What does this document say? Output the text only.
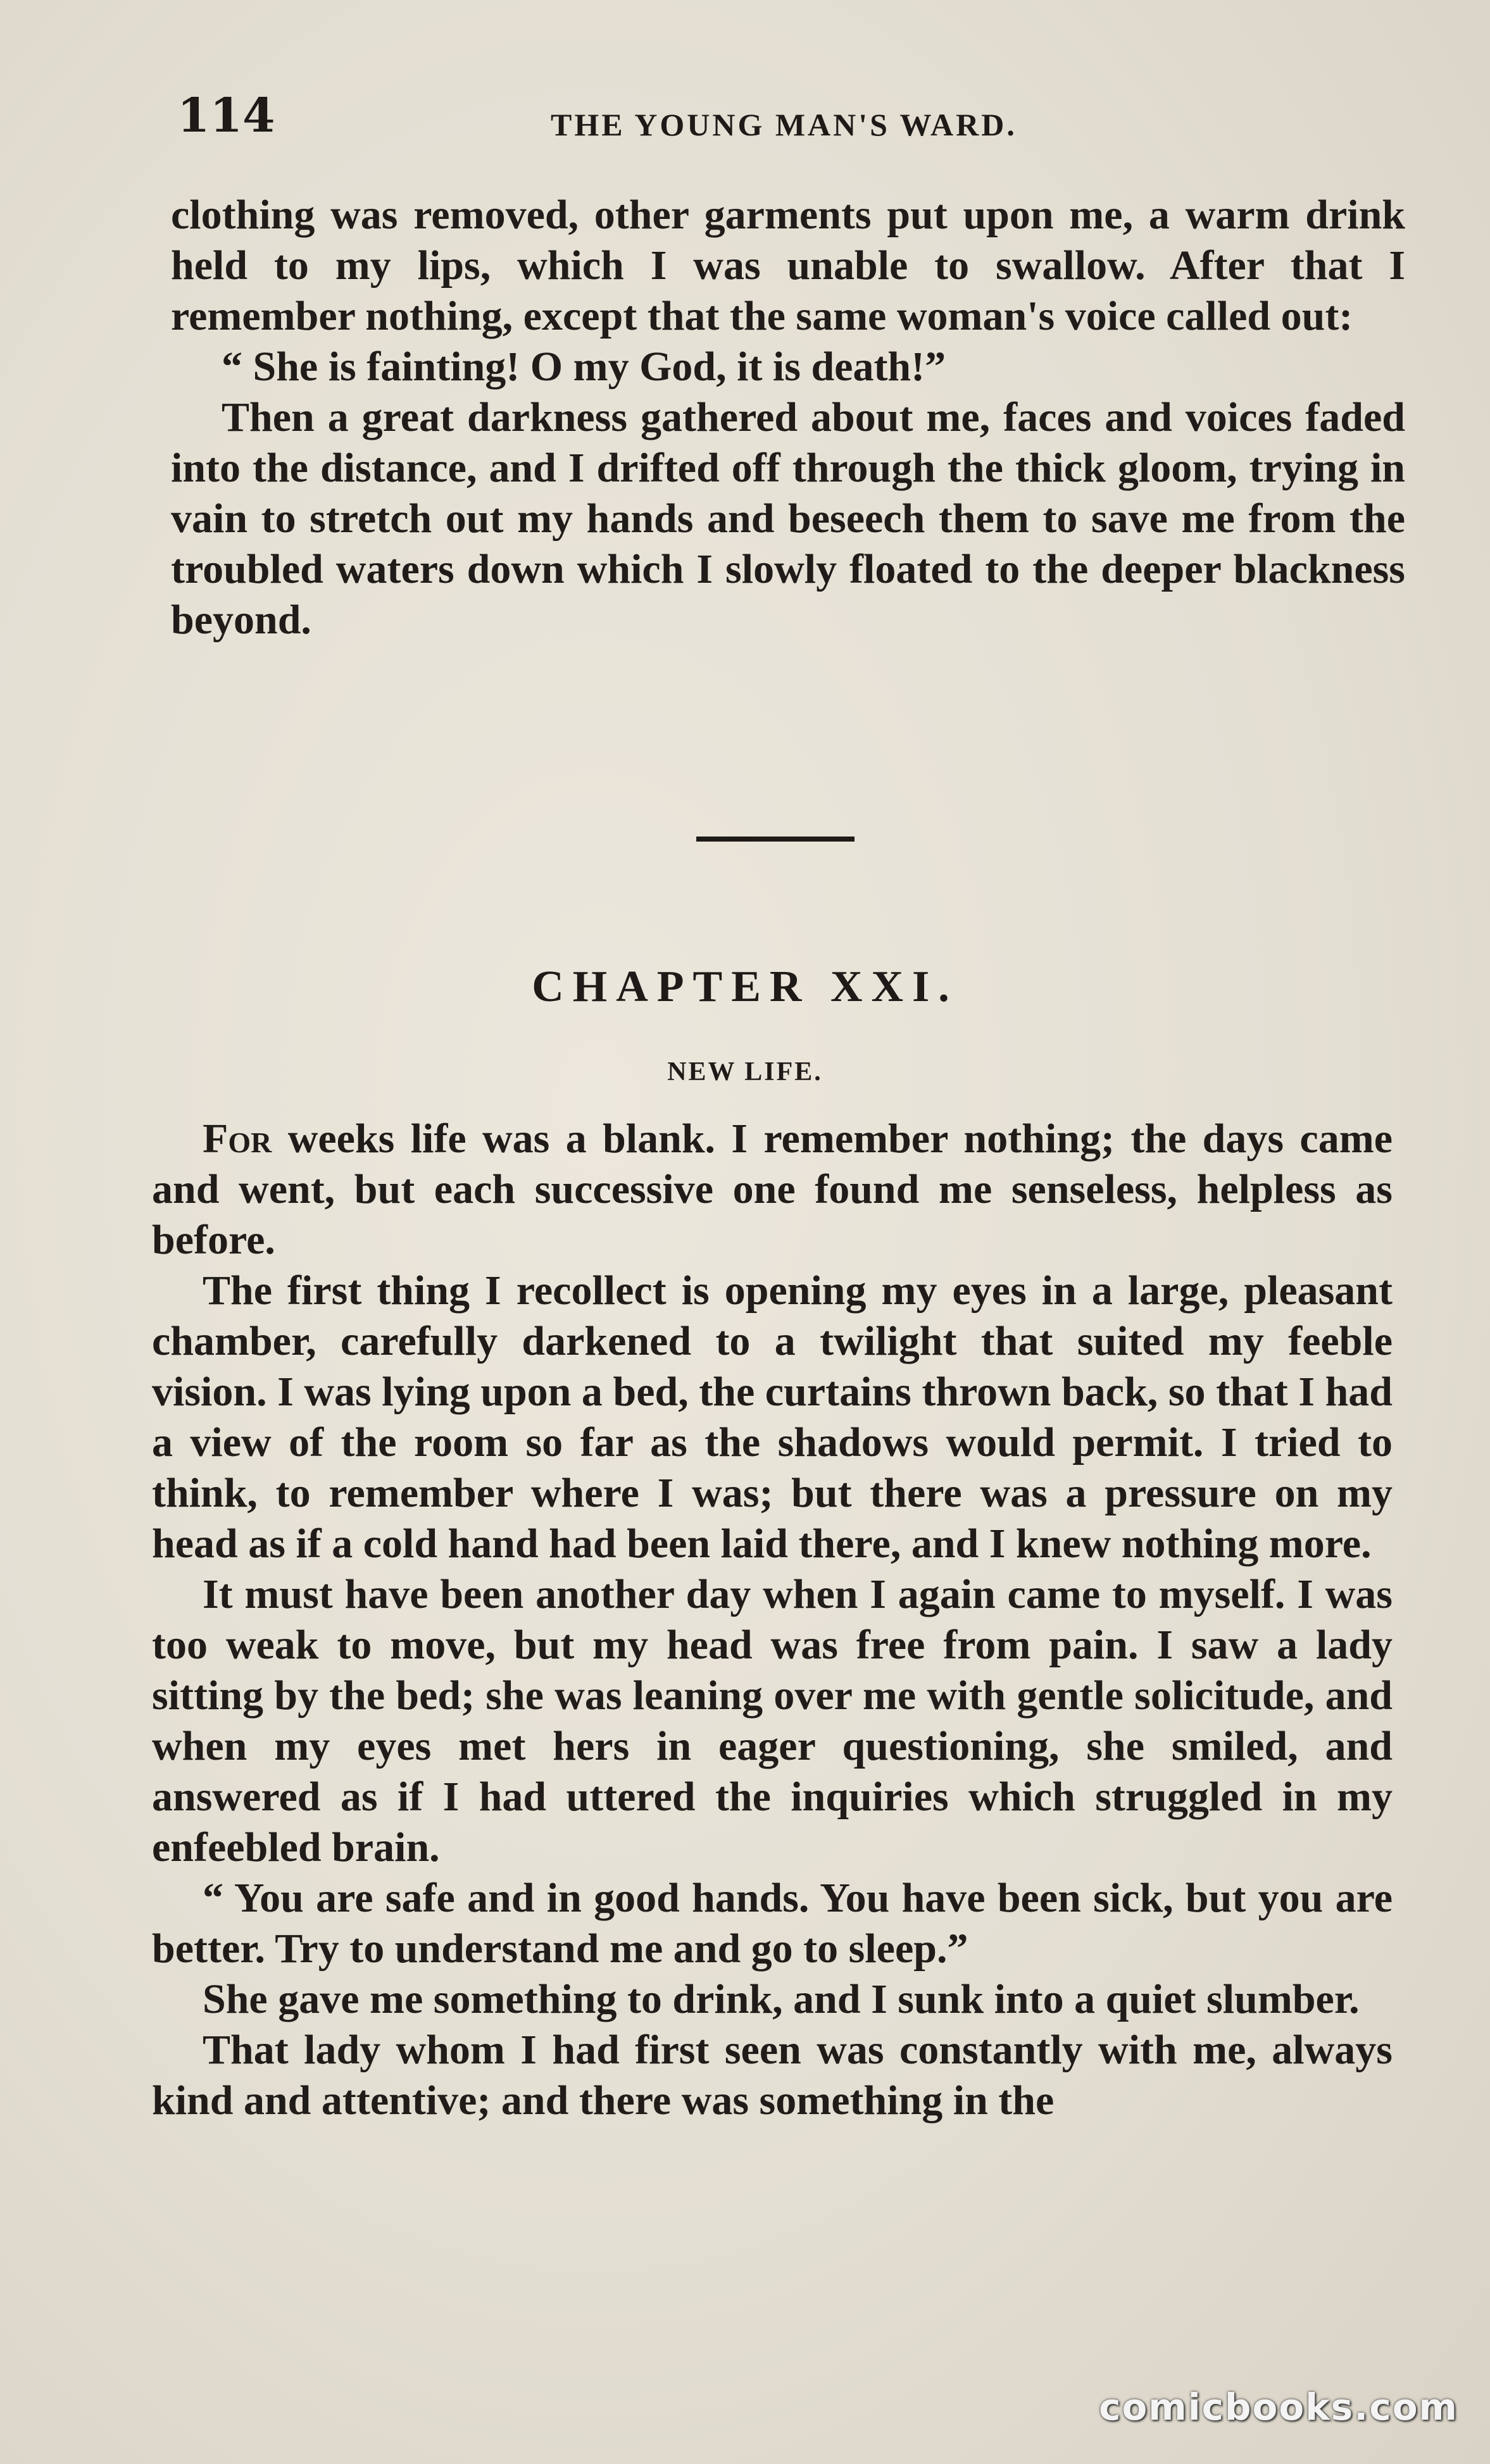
114	THE YOUNG MAN'S WARD.

clothing was removed, other garments put upon me, a warm drink held to my lips, which I was unable to swallow. After that I remember nothing, except that the same woman's voice called out:

“ She is fainting! O my God, it is death!”

Then a great darkness gathered about me, faces and voices faded into the distance, and I drifted off through the thick gloom, trying in vain to stretch out my hands and beseech them to save me from the troubled waters down which I slowly floated to the deeper blackness beyond.

CHAPTER XXI.
NEW LIFE.

For weeks life was a blank. I remember nothing; the days came and went, but each successive one found me senseless, helpless as before.

The first thing I recollect is opening my eyes in a large, pleasant chamber, carefully darkened to a twilight that suited my feeble vision. I was lying upon a bed, the curtains thrown back, so that I had a view of the room so far as the shadows would permit. I tried to think, to remember where I was; but there was a pressure on my head as if a cold hand had been laid there, and I knew nothing more.

It must have been another day when I again came to myself. I was too weak to move, but my head was free from pain. I saw a lady sitting by the bed; she was leaning over me with gentle solicitude, and when my eyes met hers in eager questioning, she smiled, and answered as if I had uttered the inquiries which struggled in my enfeebled brain.

“ You are safe and in good hands. You have been sick, but you are better. Try to understand me and go to sleep.”

She gave me something to drink, and I sunk into a quiet slumber.

That lady whom I had first seen was constantly with me, always kind and attentive; and there was something in the

comicbooks.com
